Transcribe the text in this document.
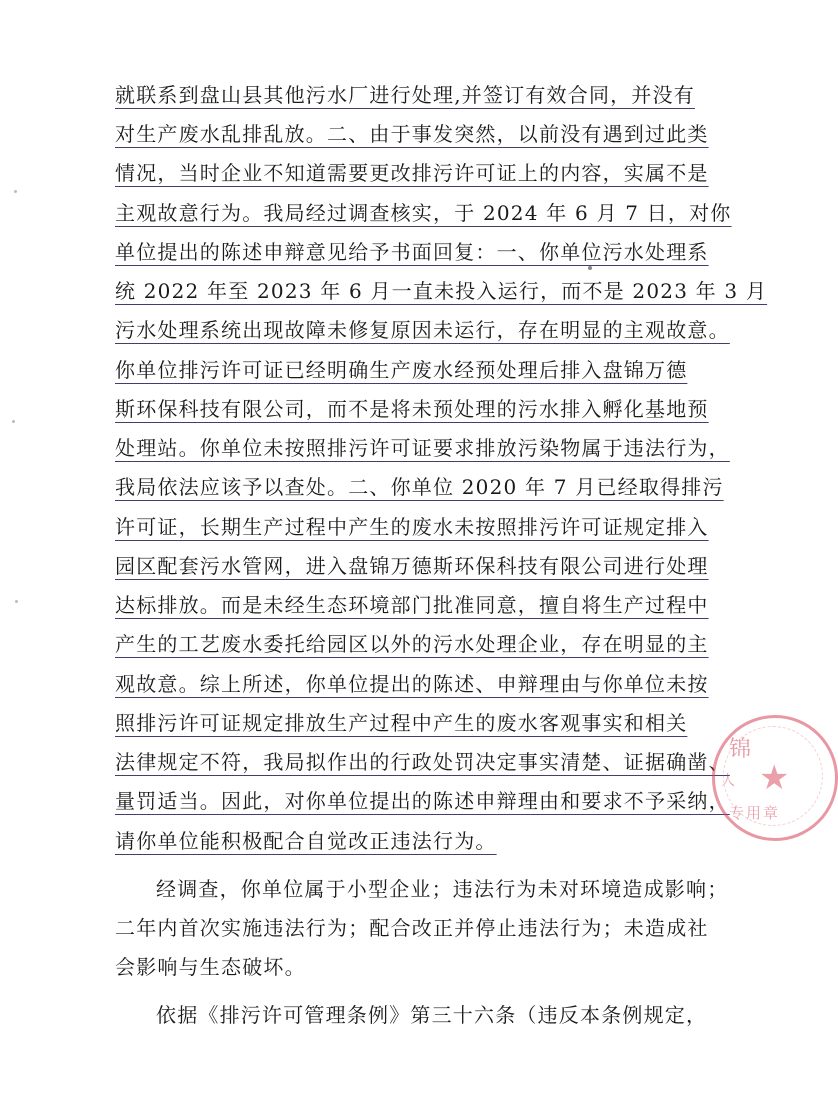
就联系到盘山县其他污水厂进行处理,并签订有效合同，并没有
对生产废水乱排乱放。二、由于事发突然，以前没有遇到过此类
情况，当时企业不知道需要更改排污许可证上的内容，实属不是
主观故意行为。我局经过调查核实，于 2024 年 6 月 7 日，对你
单位提出的陈述申辩意见给予书面回复：一、你单位污水处理系
统 2022 年至 2023 年 6 月一直未投入运行，而不是 2023 年 3 月
污水处理系统出现故障未修复原因未运行，存在明显的主观故意。
你单位排污许可证已经明确生产废水经预处理后排入盘锦万德
斯环保科技有限公司，而不是将未预处理的污水排入孵化基地预
处理站。你单位未按照排污许可证要求排放污染物属于违法行为，
我局依法应该予以查处。二、你单位 2020 年 7 月已经取得排污
许可证，长期生产过程中产生的废水未按照排污许可证规定排入
园区配套污水管网，进入盘锦万德斯环保科技有限公司进行处理
达标排放。而是未经生态环境部门批准同意，擅自将生产过程中
产生的工艺废水委托给园区以外的污水处理企业，存在明显的主
观故意。综上所述，你单位提出的陈述、申辩理由与你单位未按
照排污许可证规定排放生产过程中产生的废水客观事实和相关
法律规定不符，我局拟作出的行政处罚决定事实清楚、证据确凿、
量罚适当。因此，对你单位提出的陈述申辩理由和要求不予采纳，
请你单位能积极配合自觉改正违法行为。
经调查，你单位属于小型企业；违法行为未对环境造成影响；
二年内首次实施违法行为；配合改正并停止违法行为；未造成社
会影响与生态破坏。
依据《排污许可管理条例》第三十六条（违反本条例规定，
★
锦
人
专用章
